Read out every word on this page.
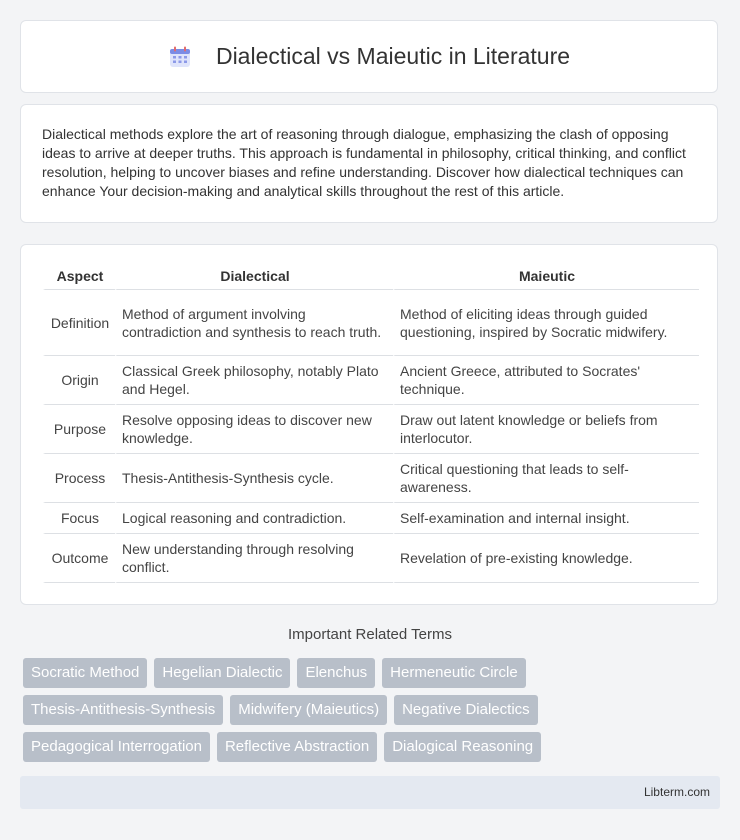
Dialectical vs Maieutic in Literature

Dialectical methods explore the art of reasoning through dialogue, emphasizing the clash of opposing ideas to arrive at deeper truths. This approach is fundamental in philosophy, critical thinking, and conflict resolution, helping to uncover biases and refine understanding. Discover how dialectical techniques can enhance Your decision-making and analytical skills throughout the rest of this article.

Aspect	Dialectical	Maieutic
Definition	Method of argument involving contradiction and synthesis to reach truth.	Method of eliciting ideas through guided questioning, inspired by Socratic midwifery.
Origin	Classical Greek philosophy, notably Plato and Hegel.	Ancient Greece, attributed to Socrates' technique.
Purpose	Resolve opposing ideas to discover new knowledge.	Draw out latent knowledge or beliefs from interlocutor.
Process	Thesis-Antithesis-Synthesis cycle.	Critical questioning that leads to self-awareness.
Focus	Logical reasoning and contradiction.	Self-examination and internal insight.
Outcome	New understanding through resolving conflict.	Revelation of pre-existing knowledge.
Important Related Terms
Socratic Method	Hegelian Dialectic	Elenchus	Hermeneutic Circle
Thesis-Antithesis-Synthesis	Midwifery (Maieutics)	Negative Dialectics
Pedagogical Interrogation	Reflective Abstraction	Dialogical Reasoning
Libterm.com
